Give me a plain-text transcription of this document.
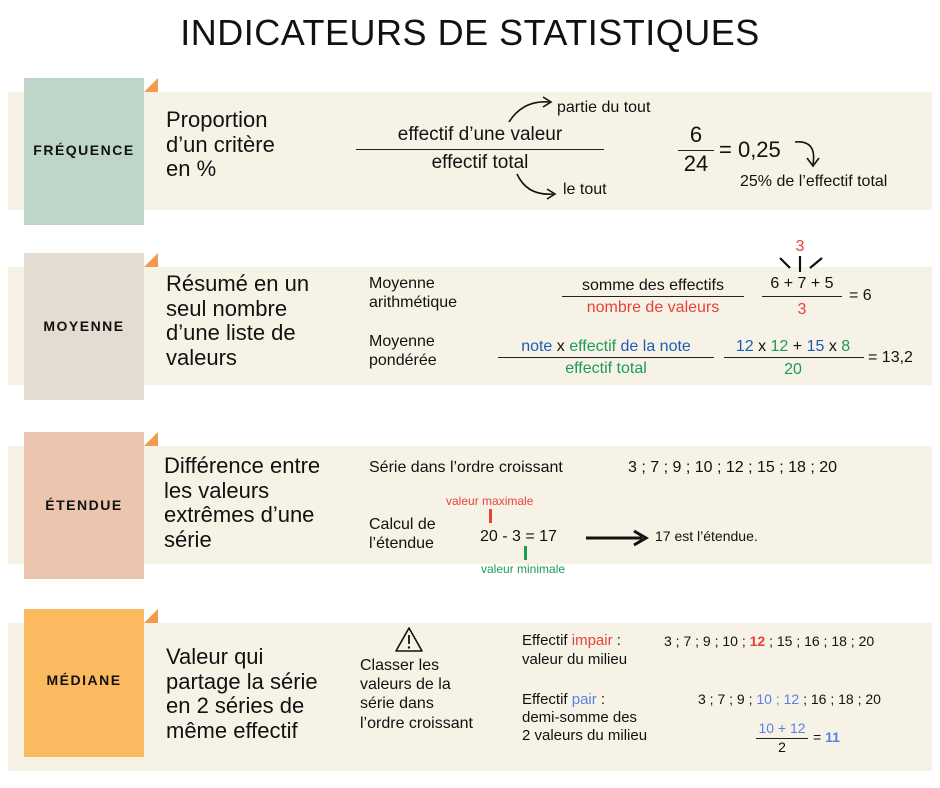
INDICATEURS DE STATISTIQUES
FRÉQUENCE
Proportion
d’un critère
en %
effectif d’une valeur
effectif total
partie du tout
le tout
6
24
= 0,25
25% de l’effectif total
MOYENNE
Résumé en un
seul nombre
d’une liste de
valeurs
Moyenne
arithmétique
somme des effectifs
nombre de valeurs
3
6 + 7 + 5
3
= 6
Moyenne
pondérée
note x effectif de la note
effectif total
12 x 12 + 15 x 8
20
= 13,2
ÉTENDUE
Différence entre
les valeurs
extrêmes d’une
série
Série dans l’ordre croissant	3 ; 7 ; 9 ; 10 ; 12 ; 15 ; 18 ; 20
Calcul de
l’étendue
valeur maximale
20 - 3 = 17
valeur minimale
17 est l’étendue.
MÉDIANE
Valeur qui
partage la série
en 2 séries de
même effectif
Classer les
valeurs de la
série dans
l’ordre croissant
Effectif impair :
valeur du milieu
3 ; 7 ; 9 ; 10 ; 12 ; 15 ; 16 ; 18 ; 20
Effectif pair :
demi-somme des
2 valeurs du milieu
3 ; 7 ; 9 ; 10 ; 12 ; 16 ; 18 ; 20
10 + 12
2
= 11
